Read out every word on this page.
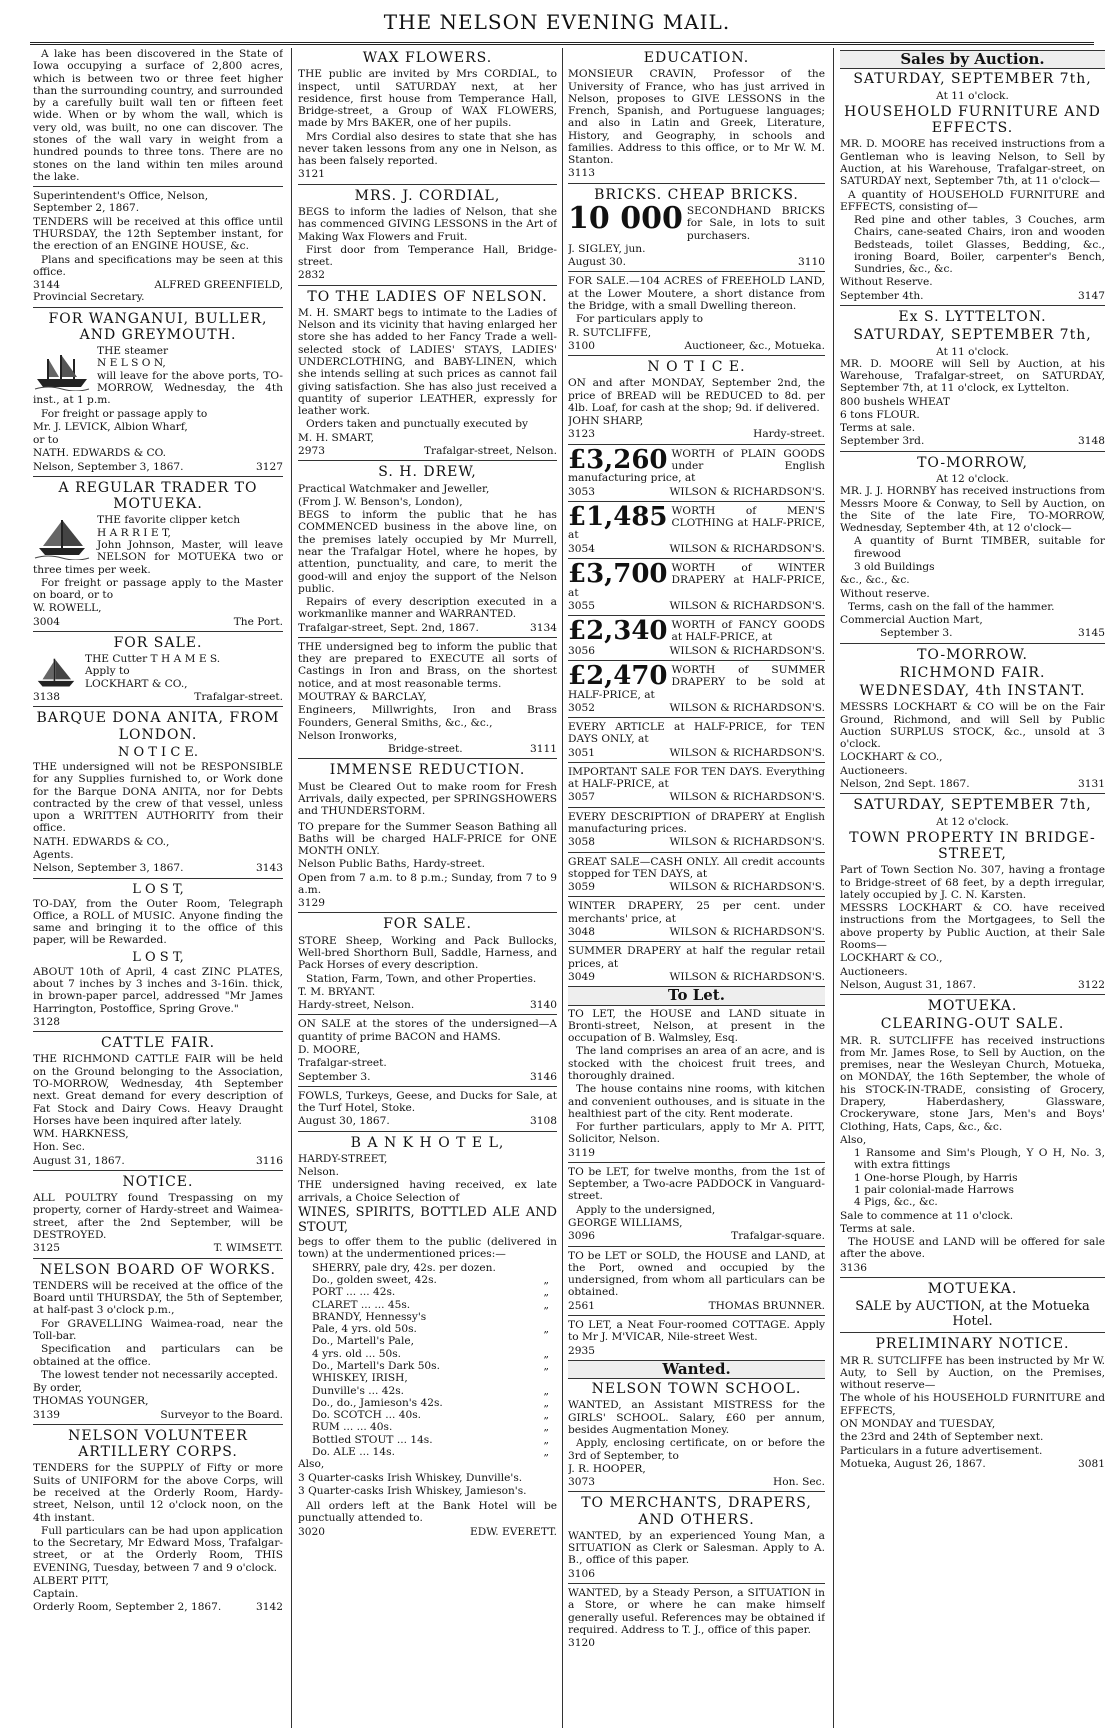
THE NELSON EVENING MAIL.

A lake has been discovered in the State of Iowa occupying a surface of 2,800 acres, which is between two or three feet higher than the surrounding country, and surrounded by a carefully built wall ten or fifteen feet wide. When or by whom the wall, which is very old, was built, no one can discover. The stones of the wall vary in weight from a hundred pounds to three tons. There are no stones on the land within ten miles around the lake.

Superintendent's Office, Nelson,
September 2, 1867.

TENDERS will be received at this office until THURSDAY, the 12th September instant, for the erection of an ENGINE HOUSE, &c.

Plans and specifications may be seen at this office.

3144	ALFRED GREENFIELD,

Provincial Secretary.

FOR WANGANUI, BULLER, AND GREYMOUTH.

THE steamer
N E L S O N,
will leave for the above ports, TO-MORROW, Wednesday, the 4th inst., at 1 p.m.

For freight or passage apply to

Mr. J. LEVICK, Albion Wharf,

or to

NATH. EDWARDS & CO.

Nelson, September 3, 1867.	3127
A REGULAR TRADER TO MOTUEKA.

THE favorite clipper ketch
H A R R I E T,
John Johnson, Master, will leave NELSON for MOTUEKA two or three times per week.

For freight or passage apply to the Master on board, or to

W. ROWELL,

3004	The Port.
FOR SALE.

THE Cutter T H A M E S.
Apply to
LOCKHART & CO.,

3138	Trafalgar-street.
BARQUE DONA ANITA, FROM LONDON.
N O T I C E.

THE undersigned will not be RESPONSIBLE for any Supplies furnished to, or Work done for the Barque DONA ANITA, nor for Debts contracted by the crew of that vessel, unless upon a WRITTEN AUTHORITY from their office.

NATH. EDWARDS & CO.,

Agents.

Nelson, September 3, 1867.	3143
L O S T,

TO-DAY, from the Outer Room, Telegraph Office, a ROLL of MUSIC. Anyone finding the same and bringing it to the office of this paper, will be Rewarded.

L O S T,

ABOUT 10th of April, 4 cast ZINC PLATES, about 7 inches by 3 inches and 3-16in. thick, in brown-paper parcel, addressed "Mr James Harrington, Postoffice, Spring Grove."

3128

CATTLE FAIR.

THE RICHMOND CATTLE FAIR will be held on the Ground belonging to the Association, TO-MORROW, Wednesday, 4th September next. Great demand for every description of Fat Stock and Dairy Cows. Heavy Draught Horses have been inquired after lately.

WM. HARKNESS,

Hon. Sec.

August 31, 1867.	3116
NOTICE.

ALL POULTRY found Trespassing on my property, corner of Hardy-street and Waimea-street, after the 2nd September, will be DESTROYED.

3125	T. WIMSETT.
NELSON BOARD OF WORKS.

TENDERS will be received at the office of the Board until THURSDAY, the 5th of September, at half-past 3 o'clock p.m.,

For GRAVELLING Waimea-road, near the Toll-bar.

Specification and particulars can be obtained at the office.

The lowest tender not necessarily accepted.

By order,

THOMAS YOUNGER,

3139	Surveyor to the Board.
NELSON VOLUNTEER ARTILLERY CORPS.

TENDERS for the SUPPLY of Fifty or more Suits of UNIFORM for the above Corps, will be received at the Orderly Room, Hardy-street, Nelson, until 12 o'clock noon, on the 4th instant.

Full particulars can be had upon application to the Secretary, Mr Edward Moss, Trafalgar-street, or at the Orderly Room, THIS EVENING, Tuesday, between 7 and 9 o'clock.

ALBERT PITT,

Captain.

Orderly Room, September 2, 1867.	3142
WAX FLOWERS.

THE public are invited by Mrs CORDIAL, to inspect, until SATURDAY next, at her residence, first house from Temperance Hall, Bridge-street, a Group of WAX FLOWERS, made by Mrs BAKER, one of her pupils.

Mrs Cordial also desires to state that she has never taken lessons from any one in Nelson, as has been falsely reported.

3121

MRS. J. CORDIAL,

BEGS to inform the ladies of Nelson, that she has commenced GIVING LESSONS in the Art of Making Wax Flowers and Fruit.

First door from Temperance Hall, Bridge-street.

2832

TO THE LADIES OF NELSON.

M. H. SMART begs to intimate to the Ladies of Nelson and its vicinity that having enlarged her store she has added to her Fancy Trade a well-selected stock of LADIES' STAYS, LADIES' UNDERCLOTHING, and BABY-LINEN, which she intends selling at such prices as cannot fail giving satisfaction. She has also just received a quantity of superior LEATHER, expressly for leather work.

Orders taken and punctually executed by

M. H. SMART,

2973	Trafalgar-street, Nelson.
S. H. DREW,

Practical Watchmaker and Jeweller,

(From J. W. Benson's, London),

BEGS to inform the public that he has COMMENCED business in the above line, on the premises lately occupied by Mr Murrell, near the Trafalgar Hotel, where he hopes, by attention, punctuality, and care, to merit the good-will and enjoy the support of the Nelson public.

Repairs of every description executed in a workmanlike manner and WARRANTED.

Trafalgar-street, Sept. 2nd, 1867.	3134

THE undersigned beg to inform the public that they are prepared to EXECUTE all sorts of Castings in Iron and Brass, on the shortest notice, and at most reasonable terms.

MOUTRAY & BARCLAY,

Engineers, Millwrights, Iron and Brass Founders, General Smiths, &c., &c.,

Nelson Ironworks,

Bridge-street.	3111
IMMENSE REDUCTION.

Must be Cleared Out to make room for Fresh Arrivals, daily expected, per SPRINGSHOWERS and THUNDERSTORM.

TO prepare for the Summer Season Bathing all Baths will be charged HALF-PRICE for ONE MONTH ONLY.

Nelson Public Baths, Hardy-street.

Open from 7 a.m. to 8 p.m.; Sunday, from 7 to 9 a.m.

3129

FOR SALE.

STORE Sheep, Working and Pack Bullocks, Well-bred Shorthorn Bull, Saddle, Harness, and Pack Horses of every description.

Station, Farm, Town, and other Properties.

T. M. BRYANT.

Hardy-street, Nelson.	3140

ON SALE at the stores of the undersigned—A quantity of prime BACON and HAMS.

D. MOORE,

Trafalgar-street.

September 3.	3146

FOWLS, Turkeys, Geese, and Ducks for Sale, at the Turf Hotel, Stoke.

August 30, 1867.	3108
B A N K H O T E L,

HARDY-STREET,

Nelson.

THE undersigned having received, ex late arrivals, a Choice Selection of

WINES, SPIRITS, BOTTLED ALE AND STOUT,

begs to offer them to the public (delivered in town) at the undermentioned prices:—

SHERRY, pale dry, 42s. per dozen.
Do., golden sweet, 42s.	„
PORT ... ... 42s.	„
CLARET ... ... 45s.	„
BRANDY, Hennessy's
Pale, 4 yrs. old 50s.	„
Do., Martell's Pale,
4 yrs. old ... 50s.	„
Do., Martell's Dark 50s.	„
WHISKEY, IRISH,
Dunville's ... 42s.	„
Do., do., Jamieson's 42s.	„
Do. SCOTCH ... 40s.	„
RUM ... ... 40s.	„
Bottled STOUT ... 14s.	„
Do. ALE ... 14s.	„

Also,

3 Quarter-casks Irish Whiskey, Dunville's.

3 Quarter-casks Irish Whiskey, Jamieson's.

All orders left at the Bank Hotel will be punctually attended to.

3020	EDW. EVERETT.
EDUCATION.

MONSIEUR CRAVIN, Professor of the University of France, who has just arrived in Nelson, proposes to GIVE LESSONS in the French, Spanish, and Portuguese languages; and also in Latin and Greek, Literature, History, and Geography, in schools and families. Address to this office, or to Mr W. M. Stanton.

3113

BRICKS. CHEAP BRICKS.
10 000 SECONDHAND BRICKS for Sale, in lots to suit purchasers.

J. SIGLEY, jun.

August 30.	3110

FOR SALE.—104 ACRES of FREEHOLD LAND, at the Lower Moutere, a short distance from the Bridge, with a small Dwelling thereon.

For particulars apply to

R. SUTCLIFFE,

3100	Auctioneer, &c., Motueka.
N O T I C E.

ON and after MONDAY, September 2nd, the price of BREAD will be REDUCED to 8d. per 4lb. Loaf, for cash at the shop; 9d. if delivered.

JOHN SHARP,

3123	Hardy-street.
£3,260 WORTH of PLAIN GOODS under English manufacturing price, at

3053	WILSON & RICHARDSON'S.
£1,485 WORTH of MEN'S CLOTHING at HALF-PRICE, at

3054	WILSON & RICHARDSON'S.
£3,700 WORTH of WINTER DRAPERY at HALF-PRICE, at

3055	WILSON & RICHARDSON'S.
£2,340 WORTH of FANCY GOODS at HALF-PRICE, at

3056	WILSON & RICHARDSON'S.
£2,470 WORTH of SUMMER DRAPERY to be sold at HALF-PRICE, at

3052	WILSON & RICHARDSON'S.

EVERY ARTICLE at HALF-PRICE, for TEN DAYS ONLY, at

3051	WILSON & RICHARDSON'S.

IMPORTANT SALE FOR TEN DAYS. Everything at HALF-PRICE, at

3057	WILSON & RICHARDSON'S.

EVERY DESCRIPTION of DRAPERY at English manufacturing prices.

3058	WILSON & RICHARDSON'S.

GREAT SALE—CASH ONLY. All credit accounts stopped for TEN DAYS, at

3059	WILSON & RICHARDSON'S.

WINTER DRAPERY, 25 per cent. under merchants' price, at

3048	WILSON & RICHARDSON'S.

SUMMER DRAPERY at half the regular retail prices, at

3049	WILSON & RICHARDSON'S.
To Let.

TO LET, the HOUSE and LAND situate in Bronti-street, Nelson, at present in the occupation of B. Walmsley, Esq.

The land comprises an area of an acre, and is stocked with the choicest fruit trees, and thoroughly drained.

The house contains nine rooms, with kitchen and convenient outhouses, and is situate in the healthiest part of the city. Rent moderate.

For further particulars, apply to Mr A. PITT, Solicitor, Nelson.

3119

TO be LET, for twelve months, from the 1st of September, a Two-acre PADDOCK in Vanguard-street.

Apply to the undersigned,

GEORGE WILLIAMS,

3096	Trafalgar-square.

TO be LET or SOLD, the HOUSE and LAND, at the Port, owned and occupied by the undersigned, from whom all particulars can be obtained.

2561	THOMAS BRUNNER.

TO LET, a Neat Four-roomed COTTAGE. Apply to Mr J. M'VICAR, Nile-street West.

2935

Wanted.
NELSON TOWN SCHOOL.

WANTED, an Assistant MISTRESS for the GIRLS' SCHOOL. Salary, £60 per annum, besides Augmentation Money.

Apply, enclosing certificate, on or before the 3rd of September, to

J. R. HOOPER,

3073	Hon. Sec.
TO MERCHANTS, DRAPERS, AND OTHERS.

WANTED, by an experienced Young Man, a SITUATION as Clerk or Salesman. Apply to A. B., office of this paper.

3106

WANTED, by a Steady Person, a SITUATION in a Store, or where he can make himself generally useful. References may be obtained if required. Address to T. J., office of this paper.

3120

Sales by Auction.
SATURDAY, SEPTEMBER 7th,

At 11 o'clock.

HOUSEHOLD FURNITURE AND EFFECTS.

MR. D. MOORE has received instructions from a Gentleman who is leaving Nelson, to Sell by Auction, at his Warehouse, Trafalgar-street, on SATURDAY next, September 7th, at 11 o'clock—

A quantity of HOUSEHOLD FURNITURE and EFFECTS, consisting of—

Red pine and other tables, 3 Couches, arm Chairs, cane-seated Chairs, iron and wooden Bedsteads, toilet Glasses, Bedding, &c., ironing Board, Boiler, carpenter's Bench, Sundries, &c., &c.

Without Reserve.

September 4th.	3147
Ex S. LYTTELTON.
SATURDAY, SEPTEMBER 7th,

At 11 o'clock.

MR. D. MOORE will Sell by Auction, at his Warehouse, Trafalgar-street, on SATURDAY, September 7th, at 11 o'clock, ex Lyttelton.

800 bushels WHEAT

6 tons FLOUR.

Terms at sale.

September 3rd.	3148
TO-MORROW,

At 12 o'clock.

MR. J. J. HORNBY has received instructions from Messrs Moore & Conway, to Sell by Auction, on the Site of the late Fire, TO-MORROW, Wednesday, September 4th, at 12 o'clock—

A quantity of Burnt TIMBER, suitable for firewood

3 old Buildings

&c., &c., &c.

Without reserve.

Terms, cash on the fall of the hammer.

Commercial Auction Mart,

September 3.	3145
TO-MORROW.
RICHMOND FAIR.
WEDNESDAY, 4th INSTANT.

MESSRS LOCKHART & CO will be on the Fair Ground, Richmond, and will Sell by Public Auction SURPLUS STOCK, &c., unsold at 3 o'clock.

LOCKHART & CO.,

Auctioneers.

Nelson, 2nd Sept. 1867.	3131
SATURDAY, SEPTEMBER 7th,

At 12 o'clock.

TOWN PROPERTY IN BRIDGE-STREET,

Part of Town Section No. 307, having a frontage to Bridge-street of 68 feet, by a depth irregular, lately occupied by J. C. N. Karsten.

MESSRS LOCKHART & CO. have received instructions from the Mortgagees, to Sell the above property by Public Auction, at their Sale Rooms—

LOCKHART & CO.,

Auctioneers.

Nelson, August 31, 1867.	3122
MOTUEKA.
CLEARING-OUT SALE.

MR. R. SUTCLIFFE has received instructions from Mr. James Rose, to Sell by Auction, on the premises, near the Wesleyan Church, Motueka, on MONDAY, the 16th September, the whole of his STOCK-IN-TRADE, consisting of Grocery, Drapery, Haberdashery, Glassware, Crockeryware, stone Jars, Men's and Boys' Clothing, Hats, Caps, &c., &c.

Also,

1 Ransome and Sim's Plough, Y O H, No. 3, with extra fittings
1 One-horse Plough, by Harris
1 pair colonial-made Harrows
4 Pigs, &c., &c.

Sale to commence at 11 o'clock.

Terms at sale.

The HOUSE and LAND will be offered for sale after the above.

3136

MOTUEKA.
SALE by AUCTION, at the Motueka Hotel.
PRELIMINARY NOTICE.

MR R. SUTCLIFFE has been instructed by Mr W. Auty, to Sell by Auction, on the Premises, without reserve—

The whole of his HOUSEHOLD FURNITURE and EFFECTS,

ON MONDAY and TUESDAY,

the 23rd and 24th of September next.

Particulars in a future advertisement.

Motueka, August 26, 1867.	3081
